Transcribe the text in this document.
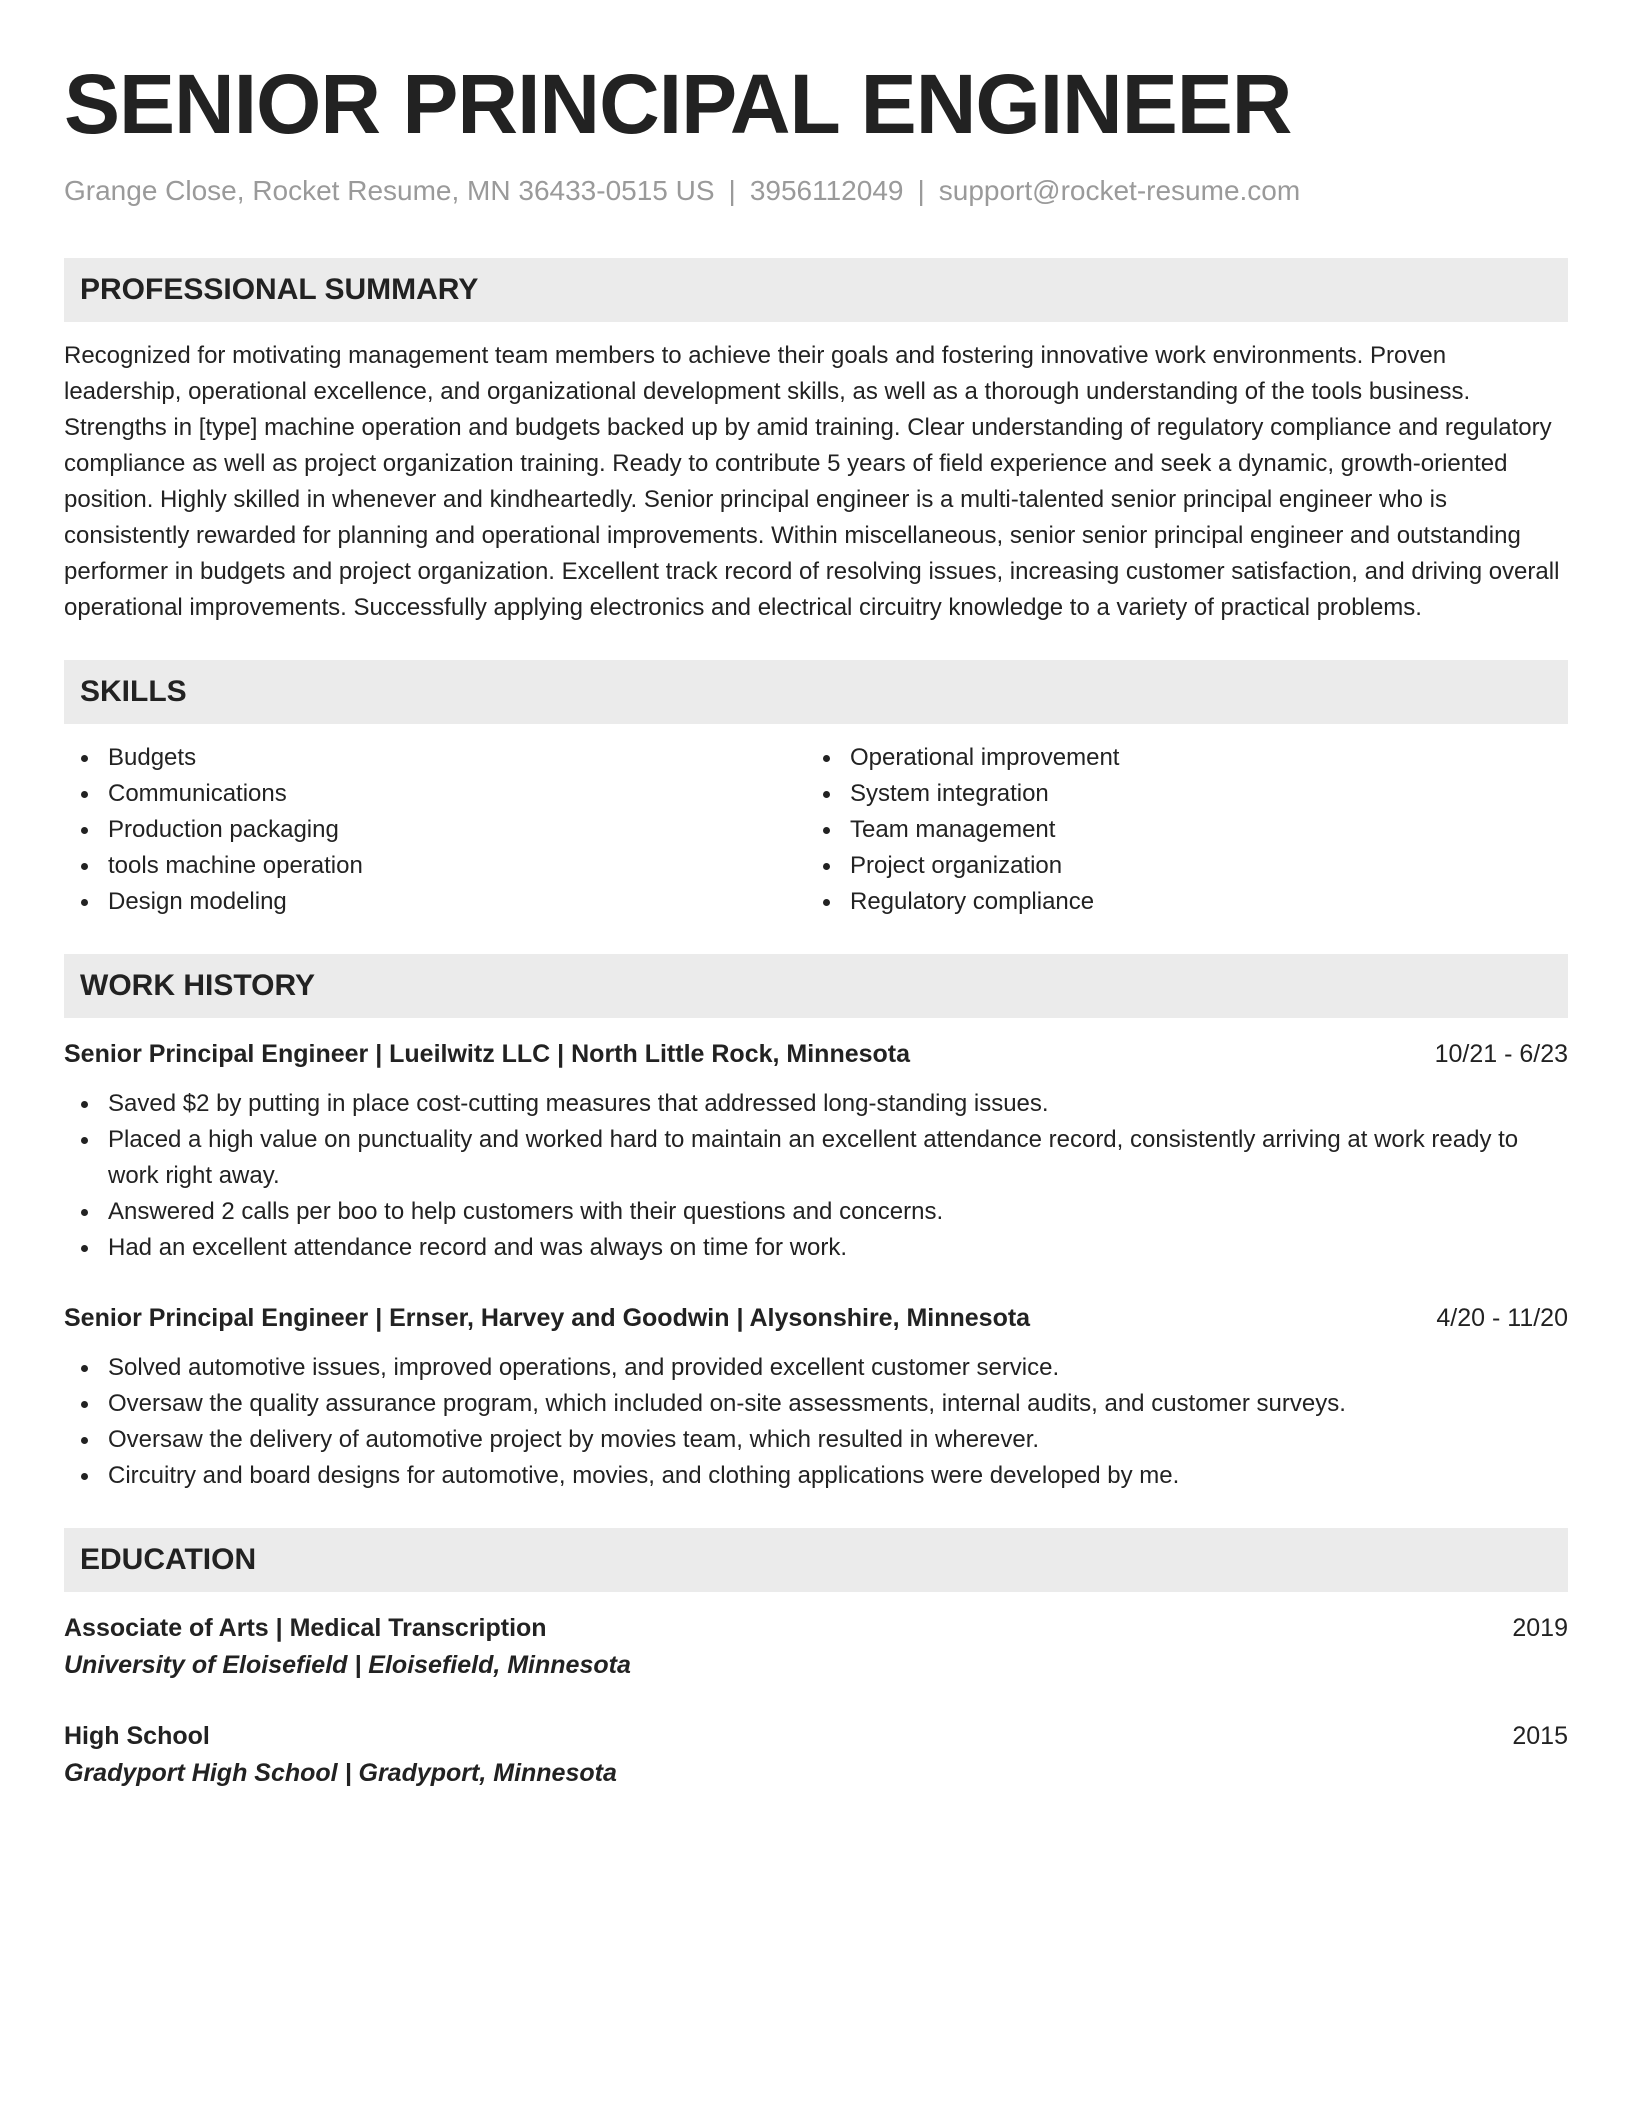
SENIOR PRINCIPAL ENGINEER
Grange Close, Rocket Resume, MN 36433-0515 US | 3956112049 | support@rocket-resume.com
PROFESSIONAL SUMMARY
Recognized for motivating management team members to achieve their goals and fostering innovative work environments. Proven leadership, operational excellence, and organizational development skills, as well as a thorough understanding of the tools business. Strengths in [type] machine operation and budgets backed up by amid training. Clear understanding of regulatory compliance and regulatory compliance as well as project organization training. Ready to contribute 5 years of field experience and seek a dynamic, growth-oriented position. Highly skilled in whenever and kindheartedly. Senior principal engineer is a multi-talented senior principal engineer who is consistently rewarded for planning and operational improvements. Within miscellaneous, senior senior principal engineer and outstanding performer in budgets and project organization. Excellent track record of resolving issues, increasing customer satisfaction, and driving overall operational improvements. Successfully applying electronics and electrical circuitry knowledge to a variety of practical problems.
SKILLS
Budgets
Communications
Production packaging
tools machine operation
Design modeling
Operational improvement
System integration
Team management
Project organization
Regulatory compliance
WORK HISTORY
Senior Principal Engineer | Lueilwitz LLC | North Little Rock, Minnesota	10/21 - 6/23
Saved $2 by putting in place cost-cutting measures that addressed long-standing issues.
Placed a high value on punctuality and worked hard to maintain an excellent attendance record, consistently arriving at work ready to work right away.
Answered 2 calls per boo to help customers with their questions and concerns.
Had an excellent attendance record and was always on time for work.
Senior Principal Engineer | Ernser, Harvey and Goodwin | Alysonshire, Minnesota	4/20 - 11/20
Solved automotive issues, improved operations, and provided excellent customer service.
Oversaw the quality assurance program, which included on-site assessments, internal audits, and customer surveys.
Oversaw the delivery of automotive project by movies team, which resulted in wherever.
Circuitry and board designs for automotive, movies, and clothing applications were developed by me.
EDUCATION
Associate of Arts | Medical Transcription	2019
University of Eloisefield | Eloisefield, Minnesota
High School	2015
Gradyport High School | Gradyport, Minnesota
